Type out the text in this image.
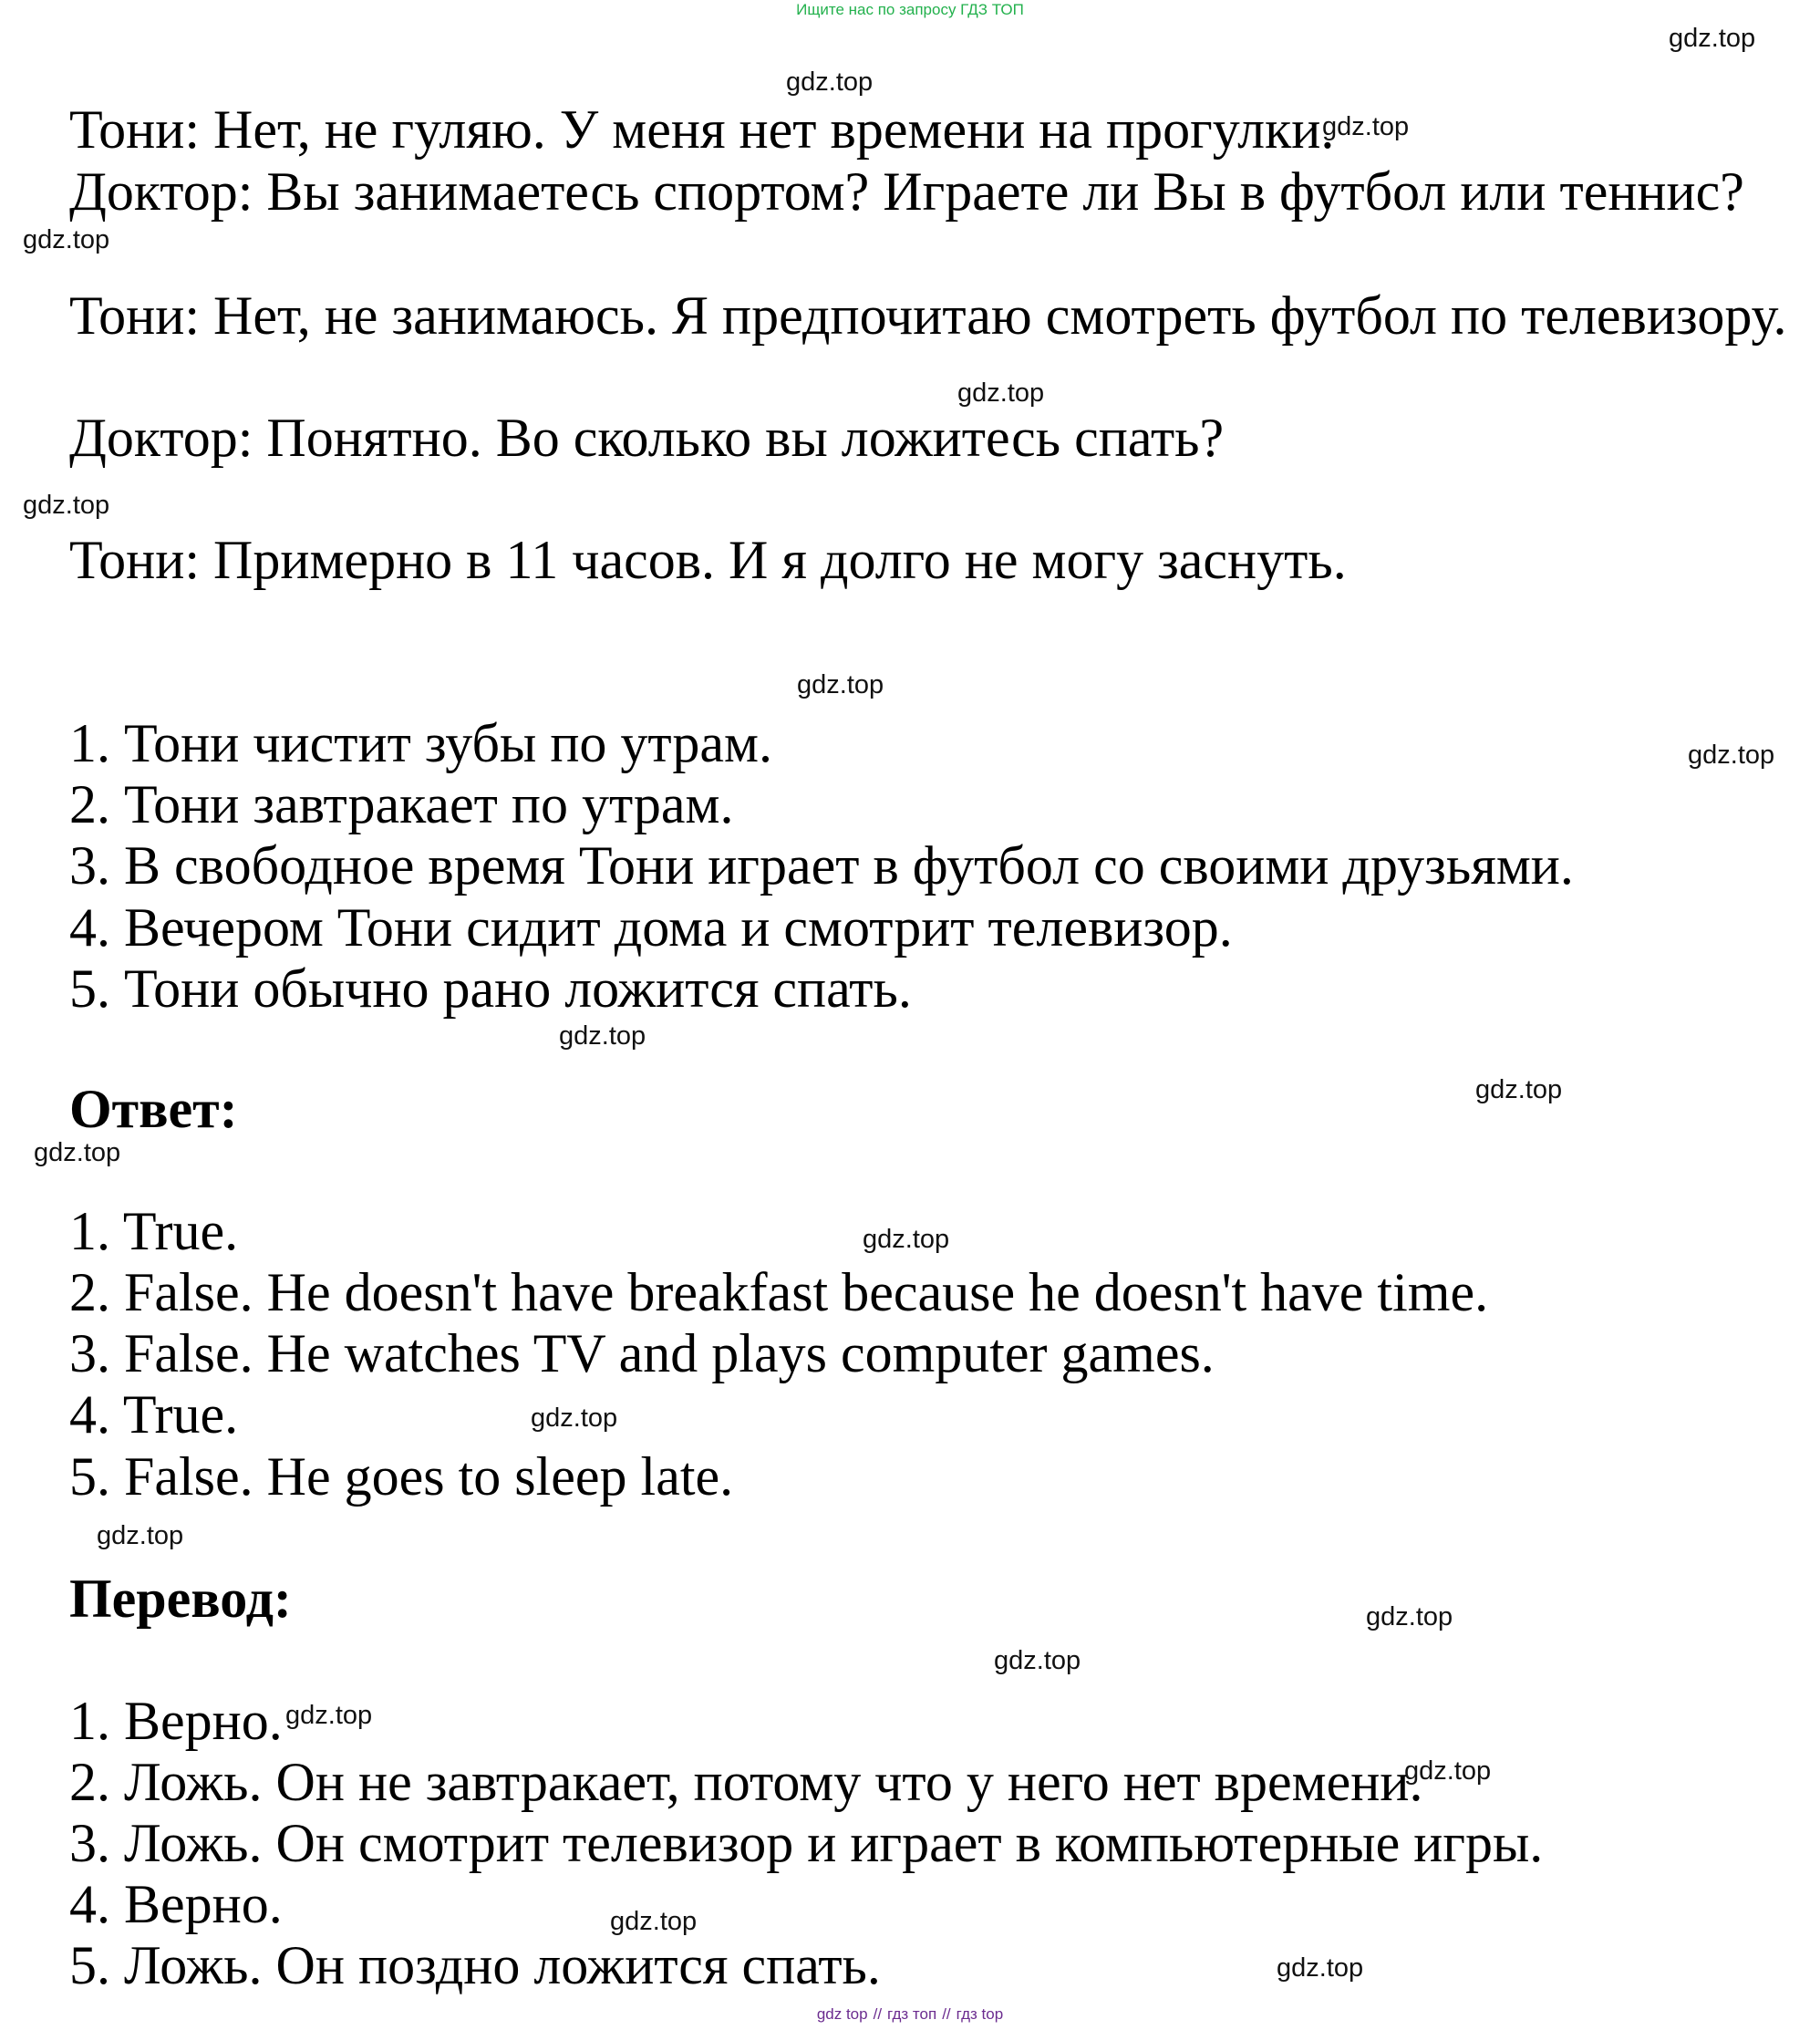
Ищите нас по запросу ГДЗ ТОП

Тони: Нет, не гуляю. У меня нет времени на прогулки.

Доктор: Вы занимаетесь спортом? Играете ли Вы в футбол или теннис?

Тони: Нет, не занимаюсь. Я предпочитаю смотреть футбол по телевизору.

Доктор: Понятно. Во сколько вы ложитесь спать?

Тони: Примерно в 11 часов. И я долго не могу заснуть.

1. Тони чистит зубы по утрам.

2. Тони завтракает по утрам.

3. В свободное время Тони играет в футбол со своими друзьями.

4. Вечером Тони сидит дома и смотрит телевизор.

5. Тони обычно рано ложится спать.

Ответ:

1. True.

2. False. He doesn't have breakfast because he doesn't have time.

3. False. He watches TV and plays computer games.

4. True.

5. False. He goes to sleep late.

Перевод:

1. Верно.

2. Ложь. Он не завтракает, потому что у него нет времени.

3. Ложь. Он смотрит телевизор и играет в компьютерные игры.

4. Верно.

5. Ложь. Он поздно ложится спать.

gdz.top
gdz.top
gdz.top
gdz.top
gdz.top
gdz.top
gdz.top
gdz.top
gdz.top
gdz.top
gdz.top
gdz.top
gdz.top
gdz.top
gdz.top
gdz.top
gdz.top
gdz.top
gdz.top
gdz.top
gdz top // гдз топ // гдз top
